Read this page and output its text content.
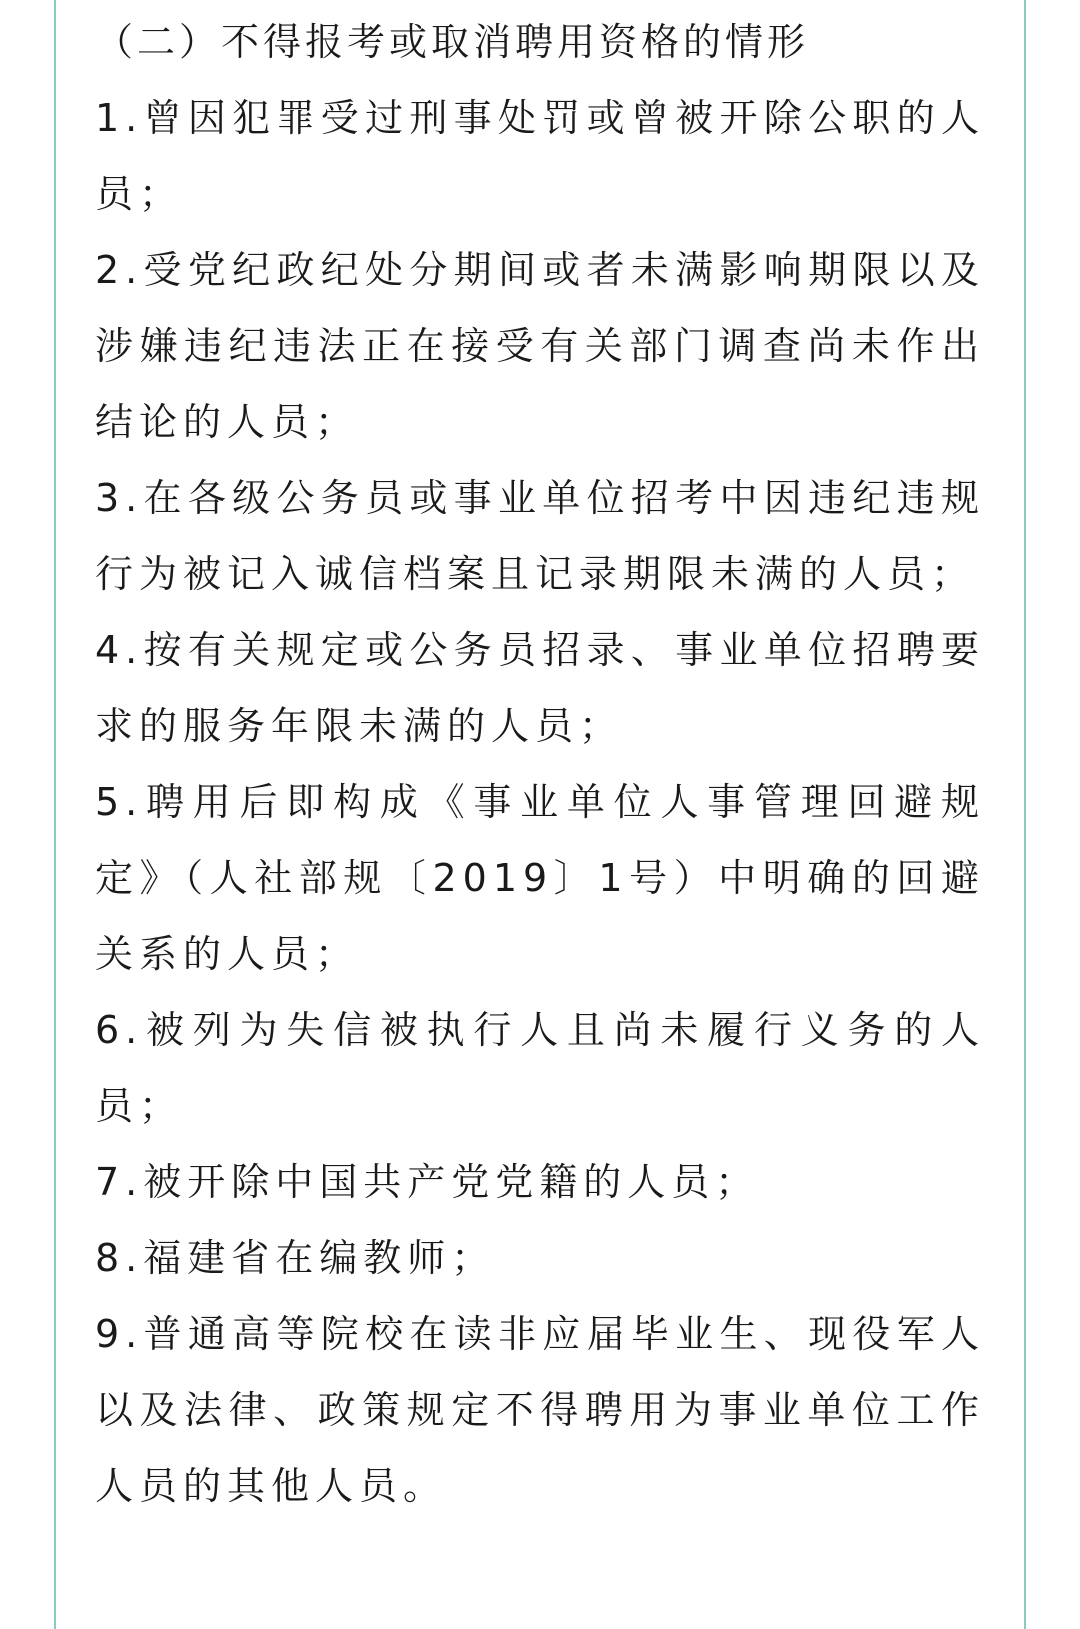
（二）不得报考或取消聘用资格的情形

1.曾因犯罪受过刑事处罚或曾被开除公职的人员；

2.受党纪政纪处分期间或者未满影响期限以及涉嫌违纪违法正在接受有关部门调查尚未作出结论的人员；

3.在各级公务员或事业单位招考中因违纪违规行为被记入诚信档案且记录期限未满的人员；

4.按有关规定或公务员招录、事业单位招聘要求的服务年限未满的人员；

5.聘用后即构成《事业单位人事管理回避规定》（人社部规〔2019〕1号）中明确的回避关系的人员；

6.被列为失信被执行人且尚未履行义务的人员；

7.被开除中国共产党党籍的人员；

8.福建省在编教师；

9.普通高等院校在读非应届毕业生、现役军人以及法律、政策规定不得聘用为事业单位工作人员的其他人员。
